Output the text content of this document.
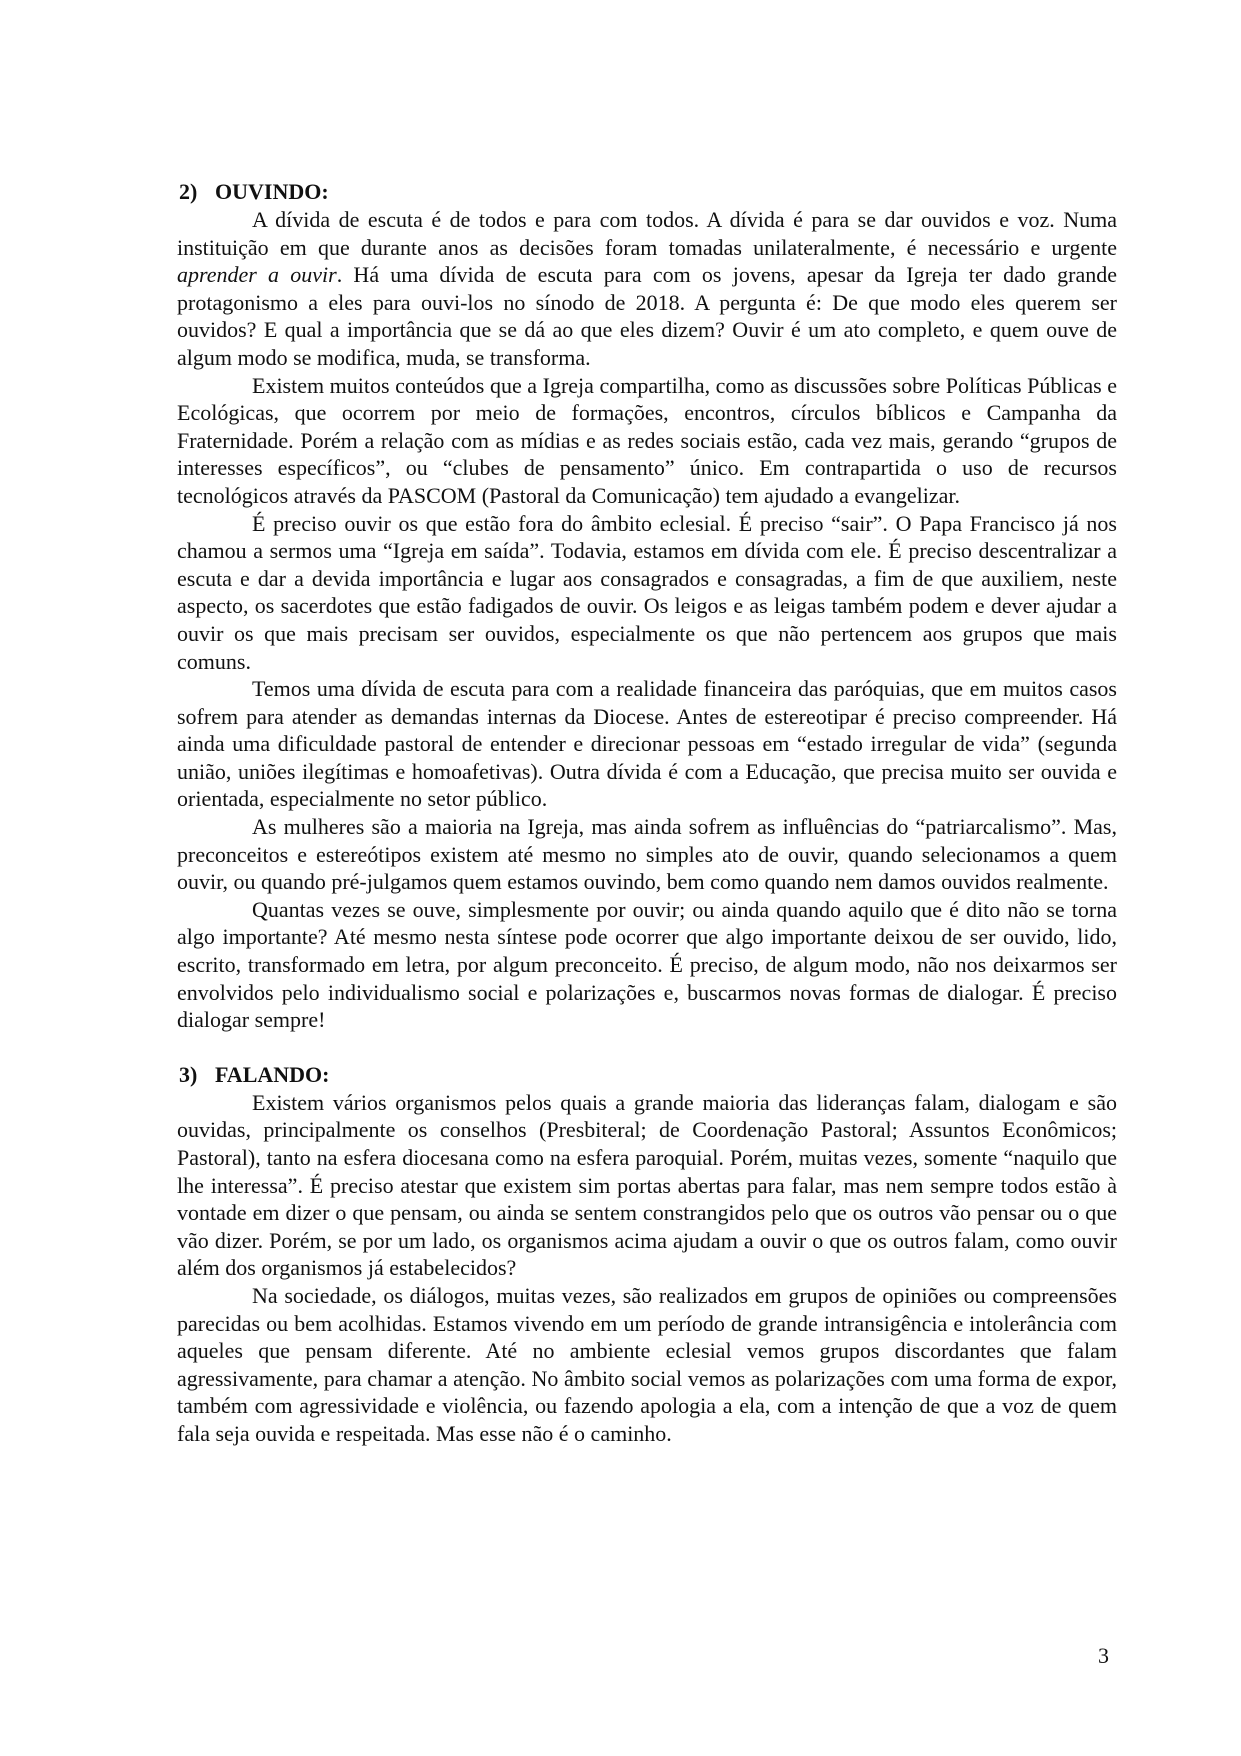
2) OUVINDO:

A dívida de escuta é de todos e para com todos. A dívida é para se dar ouvidos e voz. Numa instituição em que durante anos as decisões foram tomadas unilateralmente, é necessário e urgente aprender a ouvir. Há uma dívida de escuta para com os jovens, apesar da Igreja ter dado grande protagonismo a eles para ouvi-los no sínodo de 2018. A pergunta é: De que modo eles querem ser ouvidos? E qual a importância que se dá ao que eles dizem? Ouvir é um ato completo, e quem ouve de algum modo se modifica, muda, se transforma.

Existem muitos conteúdos que a Igreja compartilha, como as discussões sobre Políticas Públicas e Ecológicas, que ocorrem por meio de formações, encontros, círculos bíblicos e Campanha da Fraternidade. Porém a relação com as mídias e as redes sociais estão, cada vez mais, gerando “grupos de interesses específicos”, ou “clubes de pensamento” único. Em contrapartida o uso de recursos tecnológicos através da PASCOM (Pastoral da Comunicação) tem ajudado a evangelizar.

É preciso ouvir os que estão fora do âmbito eclesial. É preciso “sair”. O Papa Francisco já nos chamou a sermos uma “Igreja em saída”. Todavia, estamos em dívida com ele. É preciso descentralizar a escuta e dar a devida importância e lugar aos consagrados e consagradas, a fim de que auxiliem, neste aspecto, os sacerdotes que estão fadigados de ouvir. Os leigos e as leigas também podem e dever ajudar a ouvir os que mais precisam ser ouvidos, especialmente os que não pertencem aos grupos que mais comuns.

Temos uma dívida de escuta para com a realidade financeira das paróquias, que em muitos casos sofrem para atender as demandas internas da Diocese. Antes de estereotipar é preciso compreender. Há ainda uma dificuldade pastoral de entender e direcionar pessoas em “estado irregular de vida” (segunda união, uniões ilegítimas e homoafetivas). Outra dívida é com a Educação, que precisa muito ser ouvida e orientada, especialmente no setor público.

As mulheres são a maioria na Igreja, mas ainda sofrem as influências do “patriarcalismo”. Mas, preconceitos e estereótipos existem até mesmo no simples ato de ouvir, quando selecionamos a quem ouvir, ou quando pré-julgamos quem estamos ouvindo, bem como quando nem damos ouvidos realmente.

Quantas vezes se ouve, simplesmente por ouvir; ou ainda quando aquilo que é dito não se torna algo importante? Até mesmo nesta síntese pode ocorrer que algo importante deixou de ser ouvido, lido, escrito, transformado em letra, por algum preconceito. É preciso, de algum modo, não nos deixarmos ser envolvidos pelo individualismo social e polarizações e, buscarmos novas formas de dialogar. É preciso dialogar sempre!

3) FALANDO:

Existem vários organismos pelos quais a grande maioria das lideranças falam, dialogam e são ouvidas, principalmente os conselhos (Presbiteral; de Coordenação Pastoral; Assuntos Econômicos; Pastoral), tanto na esfera diocesana como na esfera paroquial. Porém, muitas vezes, somente “naquilo que lhe interessa”. É preciso atestar que existem sim portas abertas para falar, mas nem sempre todos estão à vontade em dizer o que pensam, ou ainda se sentem constrangidos pelo que os outros vão pensar ou o que vão dizer. Porém, se por um lado, os organismos acima ajudam a ouvir o que os outros falam, como ouvir além dos organismos já estabelecidos?

Na sociedade, os diálogos, muitas vezes, são realizados em grupos de opiniões ou compreensões parecidas ou bem acolhidas. Estamos vivendo em um período de grande intransigência e intolerância com aqueles que pensam diferente. Até no ambiente eclesial vemos grupos discordantes que falam agressivamente, para chamar a atenção. No âmbito social vemos as polarizações com uma forma de expor, também com agressividade e violência, ou fazendo apologia a ela, com a intenção de que a voz de quem fala seja ouvida e respeitada. Mas esse não é o caminho.

3
